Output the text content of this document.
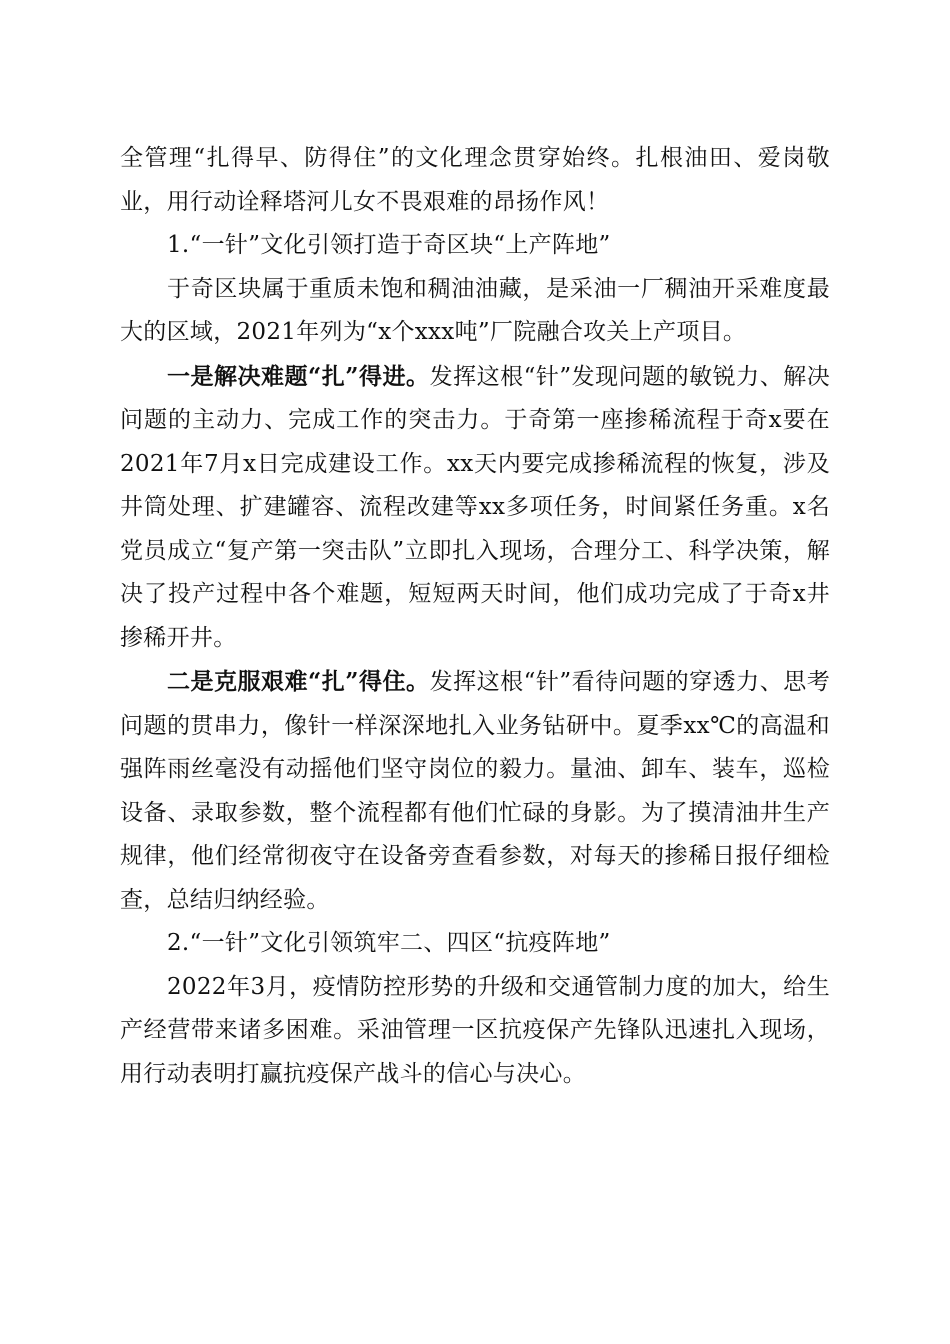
全管理“扎得早、防得住”的文化理念贯穿始终。扎根油田、爱岗敬业，用行动诠释塔河儿女不畏艰难的昂扬作风！

1.“一针”文化引领打造于奇区块“上产阵地”

于奇区块属于重质未饱和稠油油藏，是采油一厂稠油开采难度最大的区域，2021年列为“x个xxx吨”厂院融合攻关上产项目。

一是解决难题“扎”得进。发挥这根“针”发现问题的敏锐力、解决问题的主动力、完成工作的突击力。于奇第一座掺稀流程于奇x要在2021年7月x日完成建设工作。xx天内要完成掺稀流程的恢复，涉及井筒处理、扩建罐容、流程改建等xx多项任务，时间紧任务重。x名党员成立“复产第一突击队”立即扎入现场，合理分工、科学决策，解决了投产过程中各个难题，短短两天时间，他们成功完成了于奇x井掺稀开井。

二是克服艰难“扎”得住。发挥这根“针”看待问题的穿透力、思考问题的贯串力，像针一样深深地扎入业务钻研中。夏季xx℃的高温和强阵雨丝毫没有动摇他们坚守岗位的毅力。量油、卸车、装车，巡检设备、录取参数，整个流程都有他们忙碌的身影。为了摸清油井生产规律，他们经常彻夜守在设备旁查看参数，对每天的掺稀日报仔细检查，总结归纳经验。

2.“一针”文化引领筑牢二、四区“抗疫阵地”

2022年3月，疫情防控形势的升级和交通管制力度的加大，给生产经营带来诸多困难。采油管理一区抗疫保产先锋队迅速扎入现场，用行动表明打赢抗疫保产战斗的信心与决心。
